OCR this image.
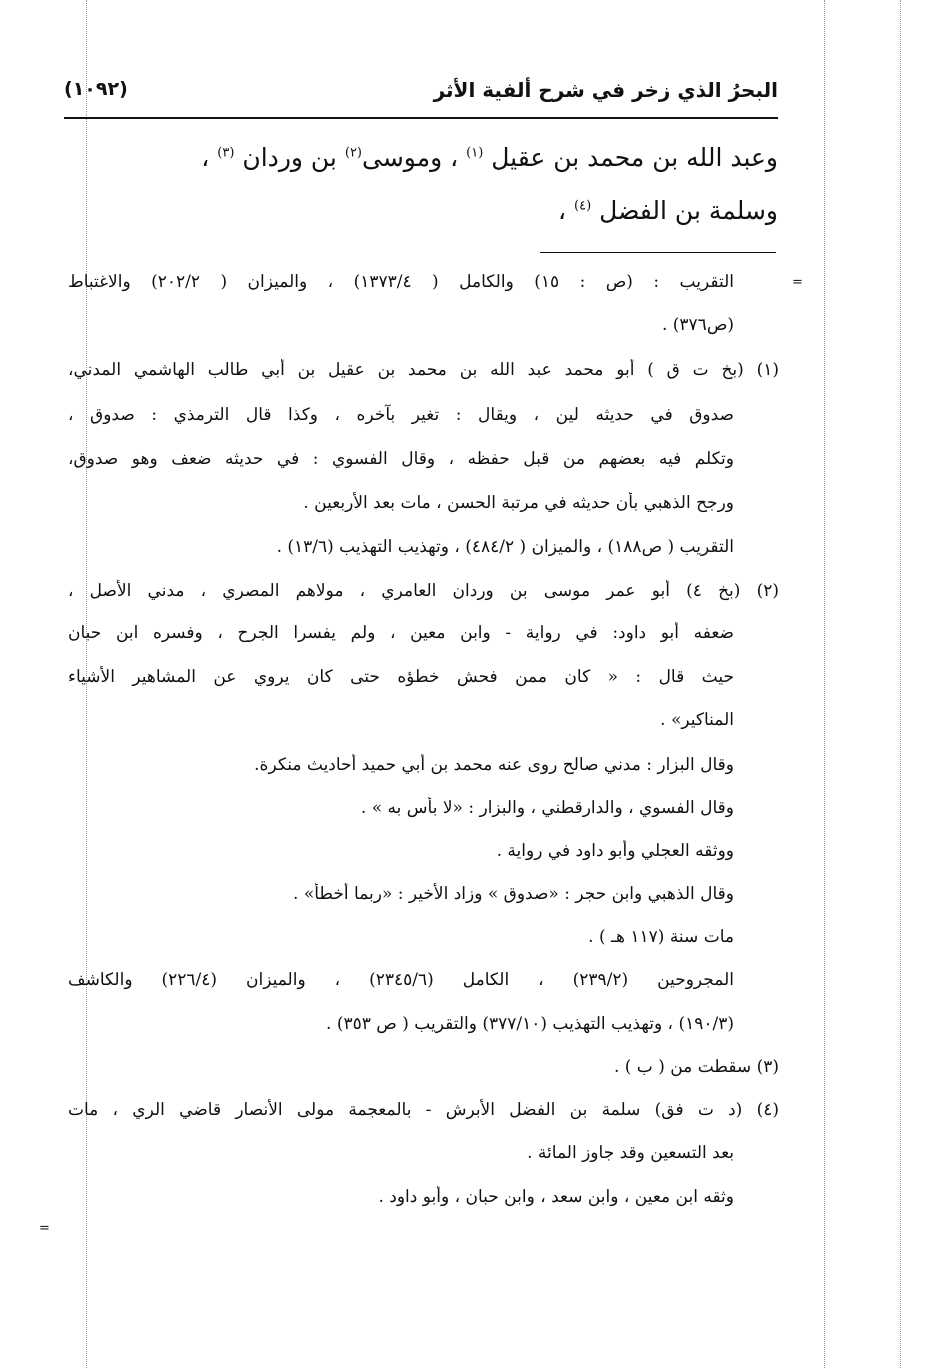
=
=
البحرُ الذي زخر في شرح ألفية الأثر
(١٠٩٢)
وعبد الله بن محمد بن عقيل $^{(١)}$ ، وموسى$^{(٢)}$ بن وردان $^{(٣)}$ ،
وسلمة بن الفضل $^{(٤)}$ ،
التقريب : (ص : ١٥) والكامل ( ١٣٧٣/٤) ، والميزان ( ٢٠٢/٢) والاغتباط
(ص٣٧٦) .
(١) (بخ ت ق ) أبو محمد عبد الله بن محمد بن عقيل بن أبي طالب الهاشمي المدني،
صدوق في حديثه لين ، ويقال : تغير بآخره ، وكذا قال الترمذي : صدوق ،
وتكلم فيه بعضهم من قبل حفظه ، وقال الفسوي : في حديثه ضعف وهو صدوق،
ورجح الذهبي بأن حديثه في مرتبة الحسن ، مات بعد الأربعين .
التقريب ( ص١٨٨) ، والميزان ( ٤٨٤/٢) ، وتهذيب التهذيب (١٣/٦) .
(٢) (بخ ٤) أبو عمر موسى بن وردان العامري ، مولاهم المصري ، مدني الأصل ،
ضعفه أبو داود: في رواية - وابن معين ، ولم يفسرا الجرح ، وفسره ابن حبان
حيث قال : « كان ممن فحش خطؤه حتى كان يروي عن المشاهير الأشياء
المناكير» .
وقال البزار : مدني صالح روى عنه محمد بن أبي حميد أحاديث منكرة.
وقال الفسوي ، والدارقطني ، والبزار : «لا بأس به » .
ووثقه العجلي وأبو داود في رواية .
وقال الذهبي وابن حجر : «صدوق » وزاد الأخير : «ربما أخطأ» .
مات سنة (١١٧ هـ ) .
المجروحين (٢٣٩/٢) ، الكامل (٢٣٤٥/٦) ، والميزان (٢٢٦/٤) والكاشف
(١٩٠/٣) ، وتهذيب التهذيب (٣٧٧/١٠) والتقريب ( ص ٣٥٣) .
(٣) سقطت من ( ب ) .
(٤) (د ت فق) سلمة بن الفضل الأبرش - بالمعجمة مولى الأنصار قاضي الري ، مات
بعد التسعين وقد جاوز المائة .
وثقه ابن معين ، وابن سعد ، وابن حبان ، وأبو داود .
